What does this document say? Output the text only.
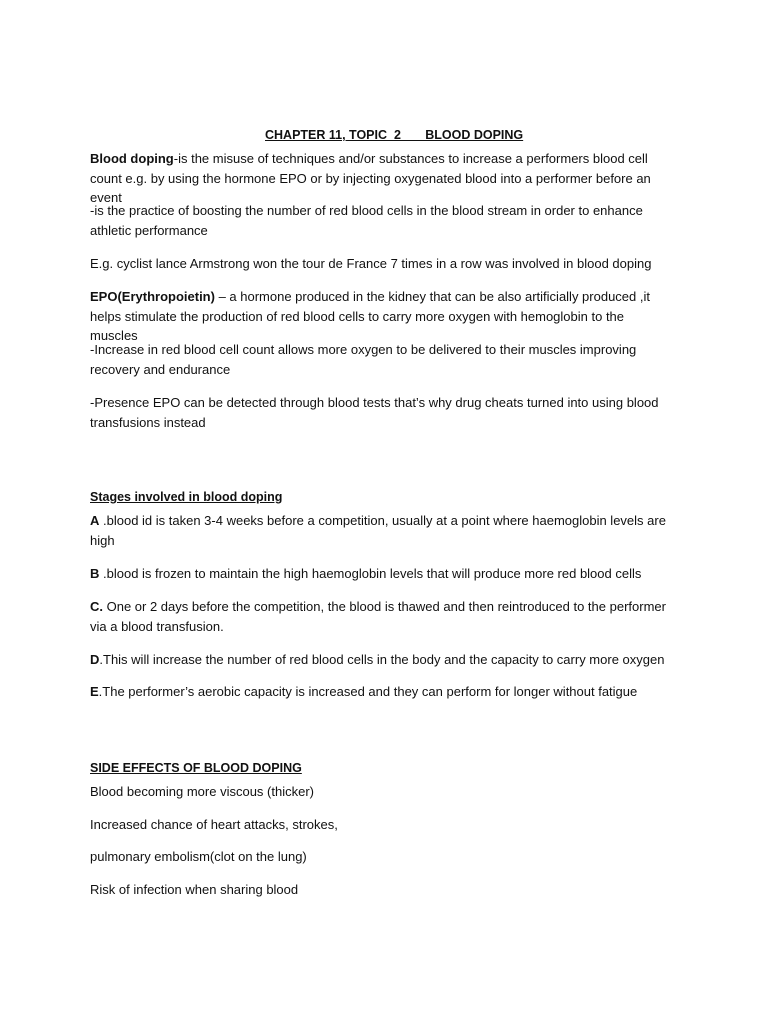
CHAPTER 11, TOPIC  2       BLOOD DOPING

Blood doping-is the misuse of techniques and/or substances to increase a performers blood cell count e.g. by using the hormone EPO or by injecting oxygenated blood into a performer before an event

-is the practice of boosting the number of red blood cells in the blood stream in order to enhance athletic performance

E.g. cyclist lance Armstrong won the tour de France 7 times in a row was involved in blood doping

EPO(Erythropoietin) – a hormone produced in the kidney that can be also artificially produced ,it helps stimulate the production of red blood cells to carry more oxygen with hemoglobin to the muscles

-Increase in red blood cell count allows more oxygen to be delivered to their muscles improving recovery and endurance

-Presence EPO can be detected through blood tests that’s why drug cheats turned into using blood transfusions instead

Stages involved in blood doping

A .blood id is taken 3-4 weeks before a competition, usually at a point where haemoglobin levels are high

B .blood is frozen to maintain the high haemoglobin levels that will produce more red blood cells

C. One or 2 days before the competition, the blood is thawed and then reintroduced to the performer via a blood transfusion.

D.This will increase the number of red blood cells in the body and the capacity to carry more oxygen

E.The performer’s aerobic capacity is increased and they can perform for longer without fatigue

SIDE EFFECTS OF BLOOD DOPING

Blood becoming more viscous (thicker)

Increased chance of heart attacks, strokes,

pulmonary embolism(clot on the lung)

Risk of infection when sharing blood
